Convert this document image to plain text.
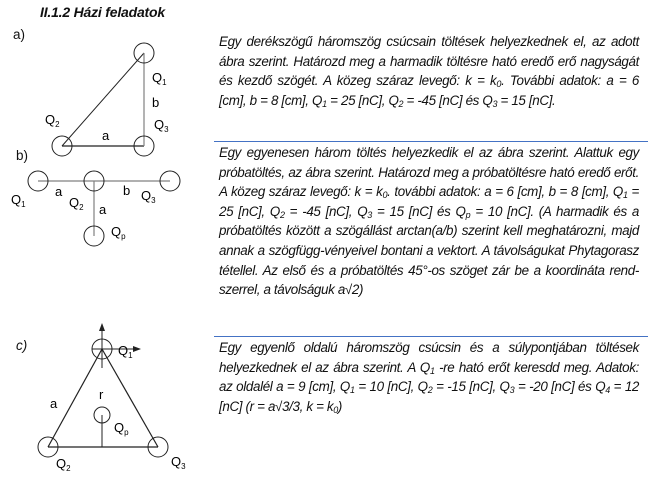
II.1.2 Házi feladatok
a)
b)
c)
$Q_1$
$Q_2$	$Q_3$
a
b
$Q_1$	$Q_2$
$Q_3$
$Q_p$
a	b
a
$Q_1$
$Q_2$	$Q_3$
$Q_p$
a
r
Egy derékszögű háromszög csúcsain töltések helyezkednek el, az adott ábra szerint. Határozd meg a harmadik töltésre ható eredő erő nagyságát és kezdő szögét. A közeg száraz levegő: $k = k_0$. További adatok: a = 6 [cm], b = 8 [cm], $Q_1 = 25$ [nC], $Q_2 = -45$ [nC] és $Q_3 = 15$ [nC].
Egy egyenesen három töltés helyezkedik el az ábra szerint. Alattuk egy próbatöltés, az ábra szerint. Határozd meg a próbatöltésre ható eredő erőt. A közeg száraz levegő: $k = k_0$. további adatok: a = 6 [cm], b = 8 [cm], $Q_1 = 25$ [nC], $Q_2 = -45$ [nC], $Q_3 = 15$ [nC] és $Q_p = 10$ [nC]. (A harmadik és a próbatöltés között a szögállást arctan(a/b) szerint kell meghatározni, majd annak a szögfügg-vényeivel bontani a vektort. A távolságukat Phytagorasz tétellel. Az első és a próbatöltés 45°-os szöget zár be a koordináta rend-szerrel, a távolságuk a√2)
Egy egyenlő oldalú háromszög csúcsin és a súlypontjában töltések helyezkednek el az ábra szerint. A $Q_1$ -re ható erőt keresdd meg. Adatok: az oldalél a = 9 [cm], $Q_1 = 10$ [nC], $Q_2 = -15$ [nC], $Q_3 = -20$ [nC] és $Q_4 = 12$ [nC] (r = a√3/3, $k = k_0$)
